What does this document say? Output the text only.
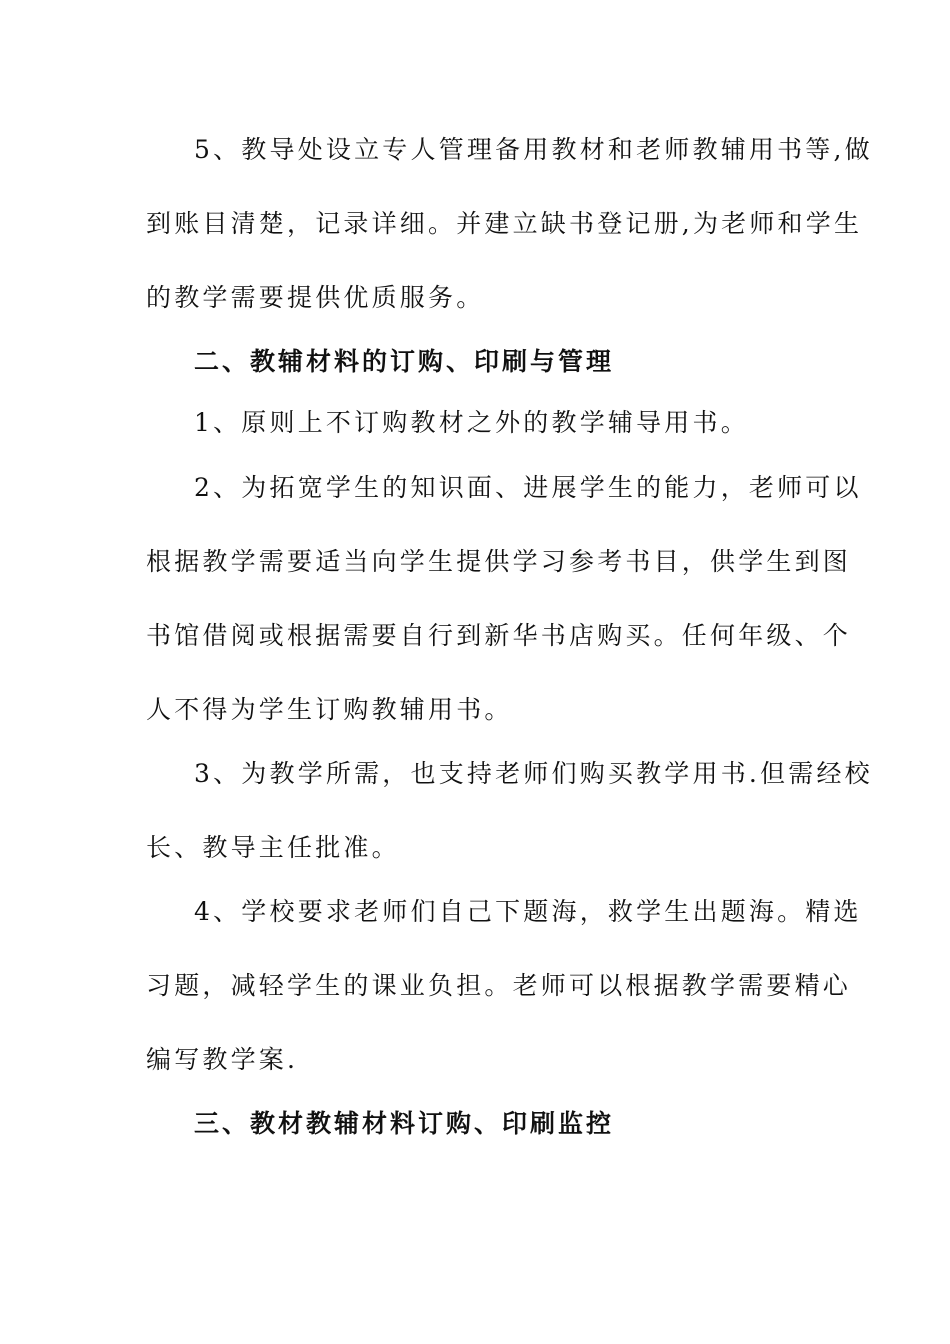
5、教导处设立专人管理备用教材和老师教辅用书等,做
到账目清楚，记录详细。并建立缺书登记册,为老师和学生
的教学需要提供优质服务。
二、教辅材料的订购、印刷与管理
1、原则上不订购教材之外的教学辅导用书。
2、为拓宽学生的知识面、进展学生的能力，老师可以
根据教学需要适当向学生提供学习参考书目，供学生到图
书馆借阅或根据需要自行到新华书店购买。任何年级、个
人不得为学生订购教辅用书。
3、为教学所需，也支持老师们购买教学用书.但需经校
长、教导主任批准。
4、学校要求老师们自己下题海，救学生出题海。精选
习题，减轻学生的课业负担。老师可以根据教学需要精心
编写教学案.
三、教材教辅材料订购、印刷监控
